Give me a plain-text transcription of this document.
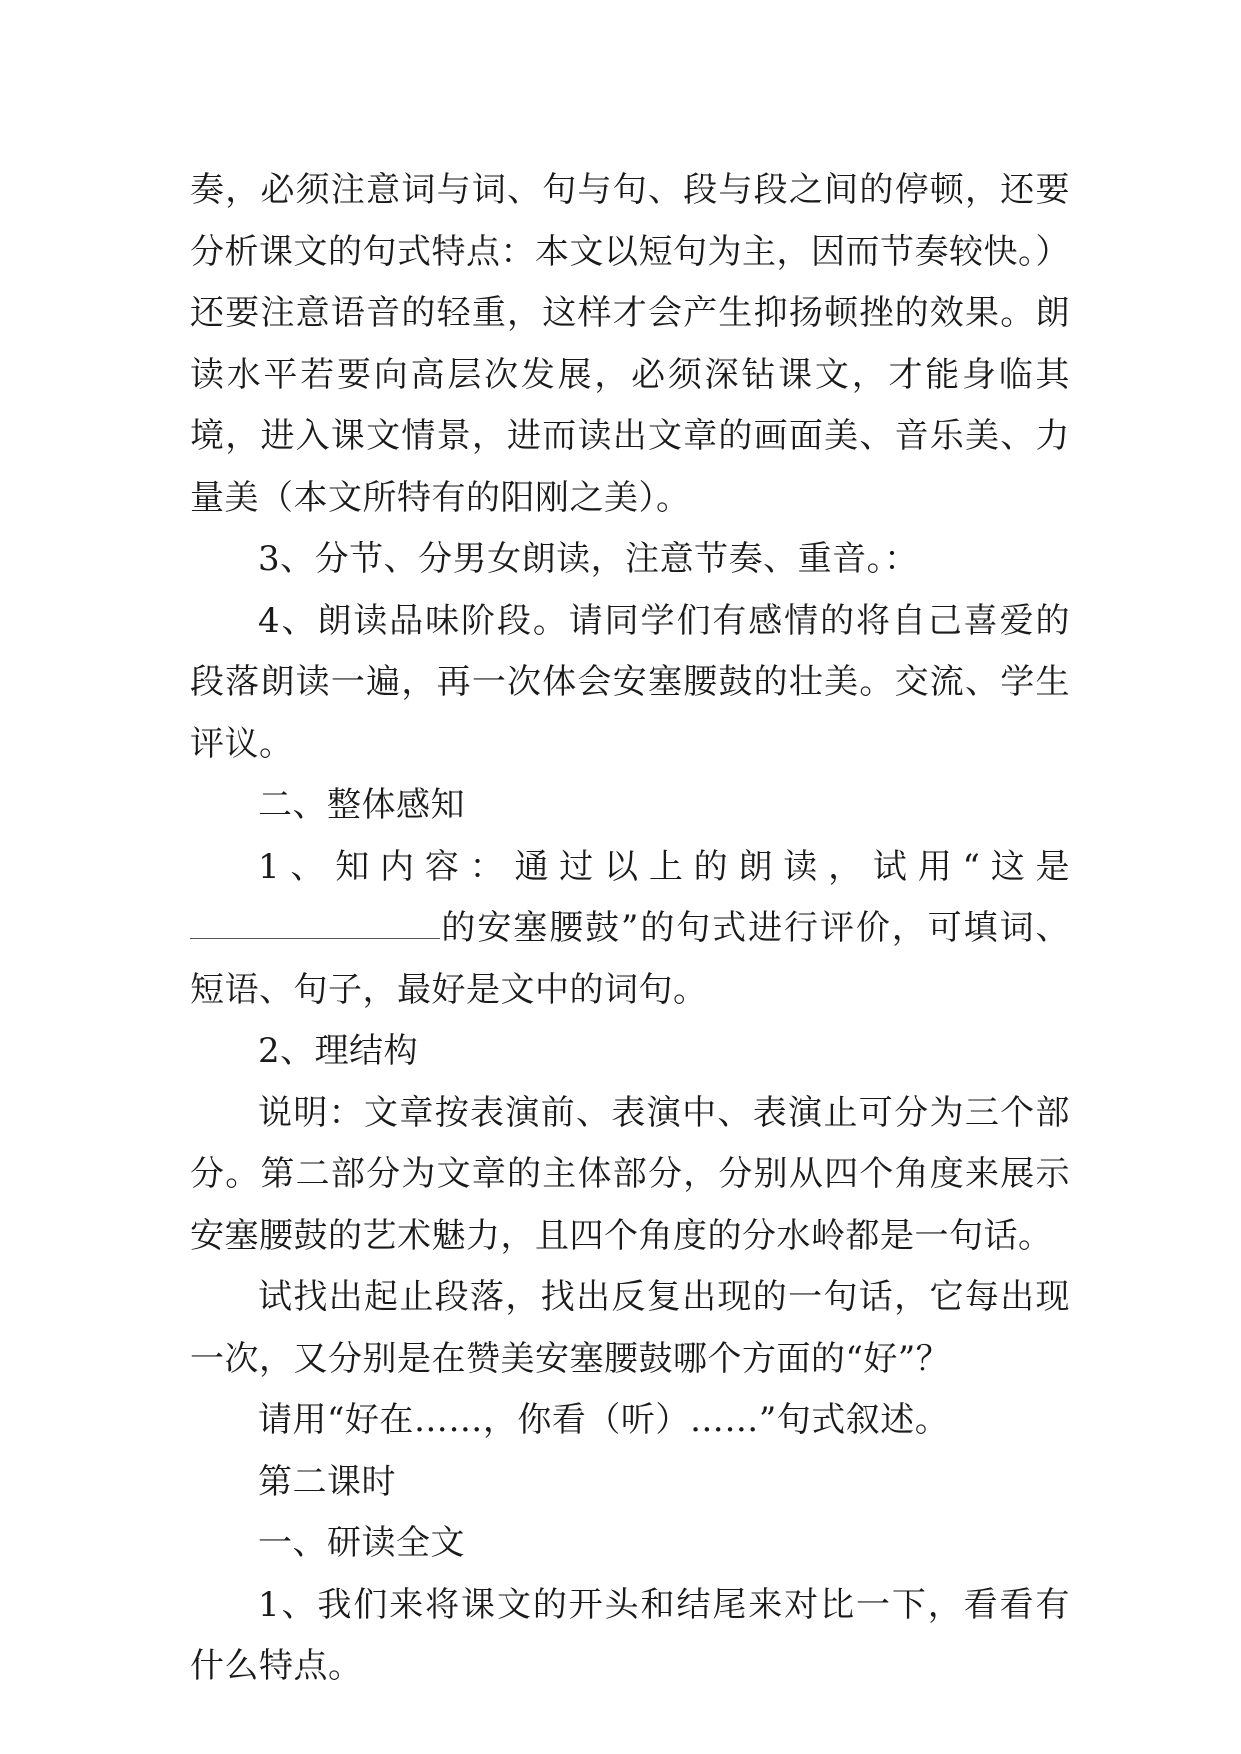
奏，必须注意词与词、句与句、段与段之间的停顿，还要分析课文的句式特点：本文以短句为主，因而节奏较快。）还要注意语音的轻重，这样才会产生抑扬顿挫的效果。朗读水平若要向高层次发展，必须深钻课文，才能身临其境，进入课文情景，进而读出文章的画面美、音乐美、力量美（本文所特有的阳刚之美）。

3、分节、分男女朗读，注意节奏、重音。：

4、朗读品味阶段。请同学们有感情的将自己喜爱的段落朗读一遍，再一次体会安塞腰鼓的壮美。交流、学生评议。

二、整体感知

1、知内容：通过以上的朗读，试用“这是的安塞腰鼓”的句式进行评价，可填词、短语、句子，最好是文中的词句。

2、理结构

说明：文章按表演前、表演中、表演止可分为三个部分。第二部分为文章的主体部分，分别从四个角度来展示安塞腰鼓的艺术魅力，且四个角度的分水岭都是一句话。

试找出起止段落，找出反复出现的一句话，它每出现一次，又分别是在赞美安塞腰鼓哪个方面的“好”？

请用“好在……，你看（听）……”句式叙述。

第二课时

一、研读全文

1、我们来将课文的开头和结尾来对比一下，看看有什么特点。
